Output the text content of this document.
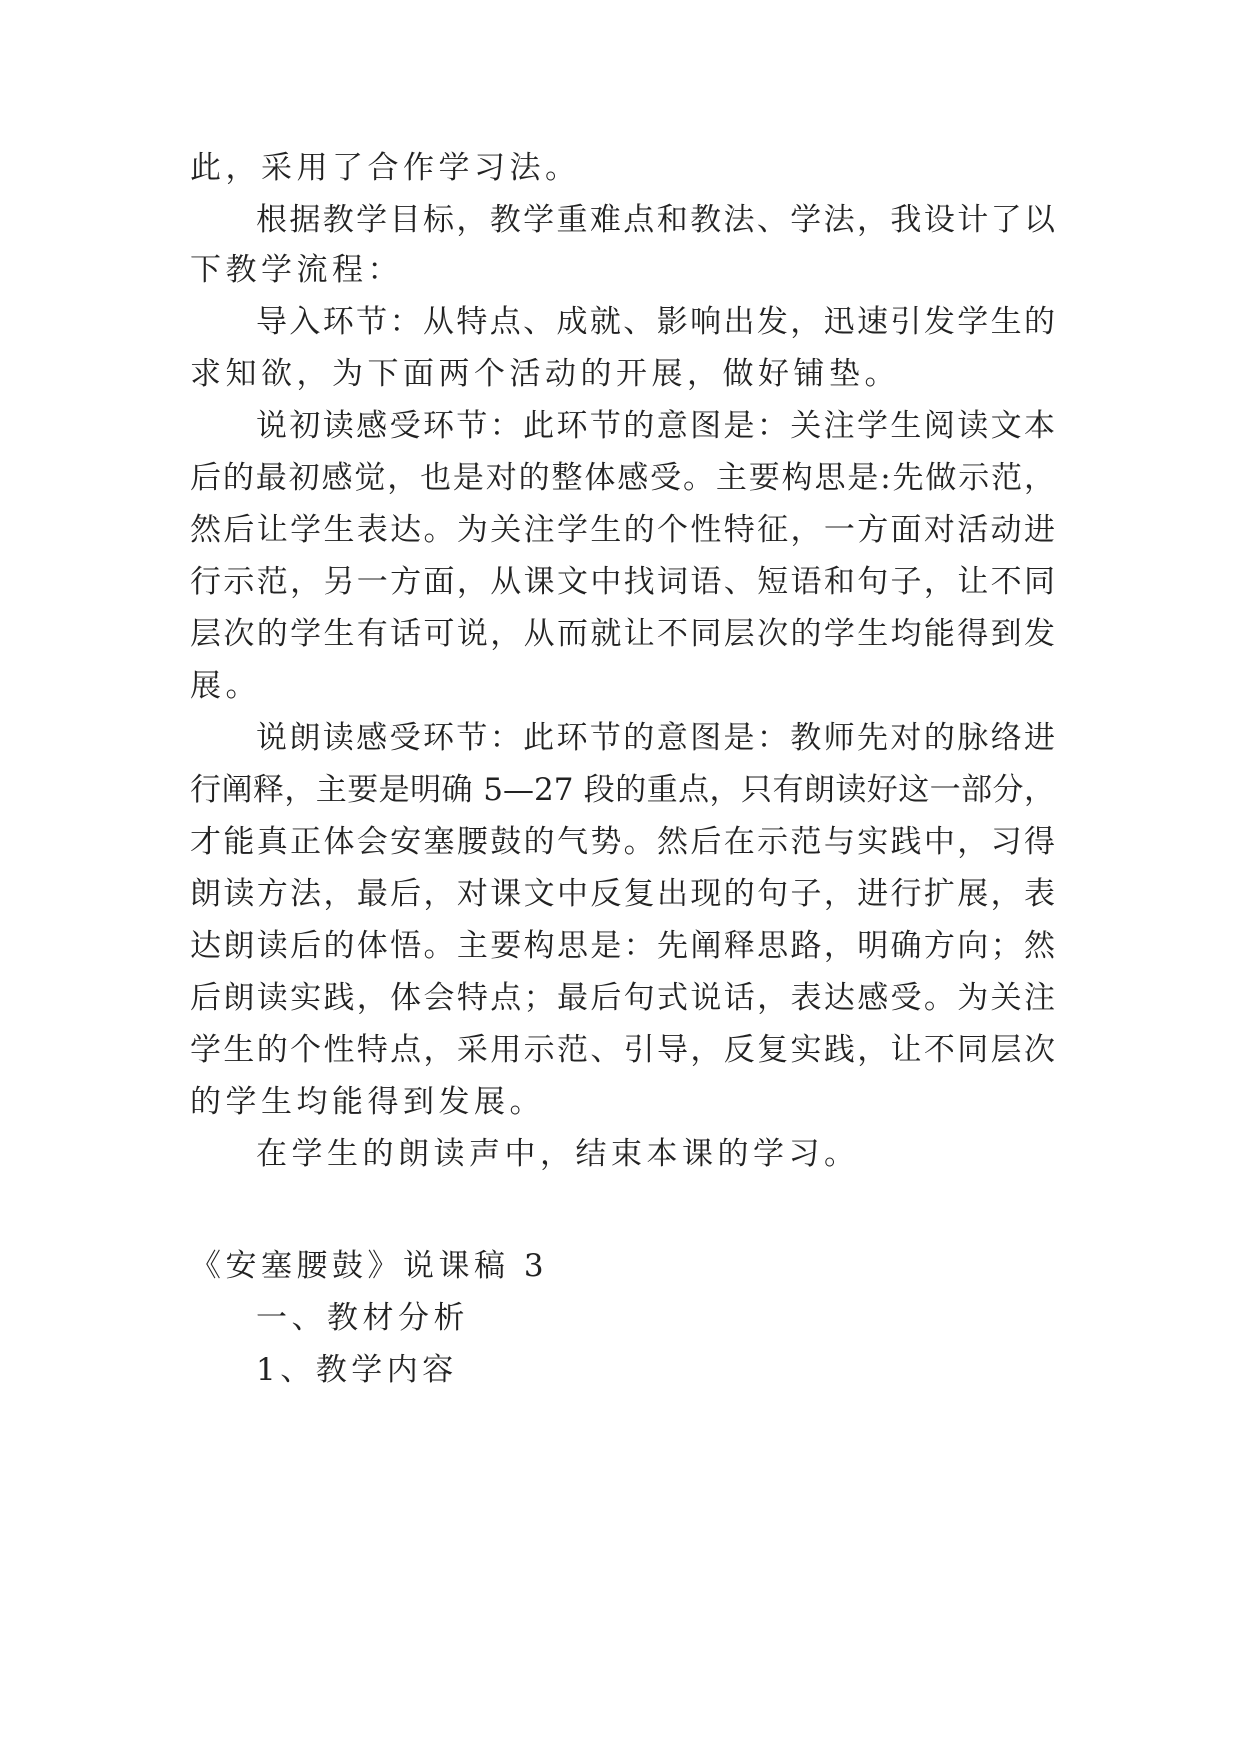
此，采用了合作学习法。
根据教学目标，教学重难点和教法、学法，我设计了以
下教学流程：
导入环节：从特点、成就、影响出发，迅速引发学生的
求知欲，为下面两个活动的开展，做好铺垫。
说初读感受环节：此环节的意图是：关注学生阅读文本
后的最初感觉，也是对的整体感受。主要构思是:先做示范，
然后让学生表达。为关注学生的个性特征，一方面对活动进
行示范，另一方面，从课文中找词语、短语和句子，让不同
层次的学生有话可说，从而就让不同层次的学生均能得到发
展。
说朗读感受环节：此环节的意图是：教师先对的脉络进
行阐释，主要是明确 5—27 段的重点，只有朗读好这一部分，
才能真正体会安塞腰鼓的气势。然后在示范与实践中，习得
朗读方法，最后，对课文中反复出现的句子，进行扩展，表
达朗读后的体悟。主要构思是：先阐释思路，明确方向；然
后朗读实践，体会特点；最后句式说话，表达感受。为关注
学生的个性特点，采用示范、引导，反复实践，让不同层次
的学生均能得到发展。
在学生的朗读声中，结束本课的学习。
《安塞腰鼓》说课稿 3
一、教材分析
1、教学内容
